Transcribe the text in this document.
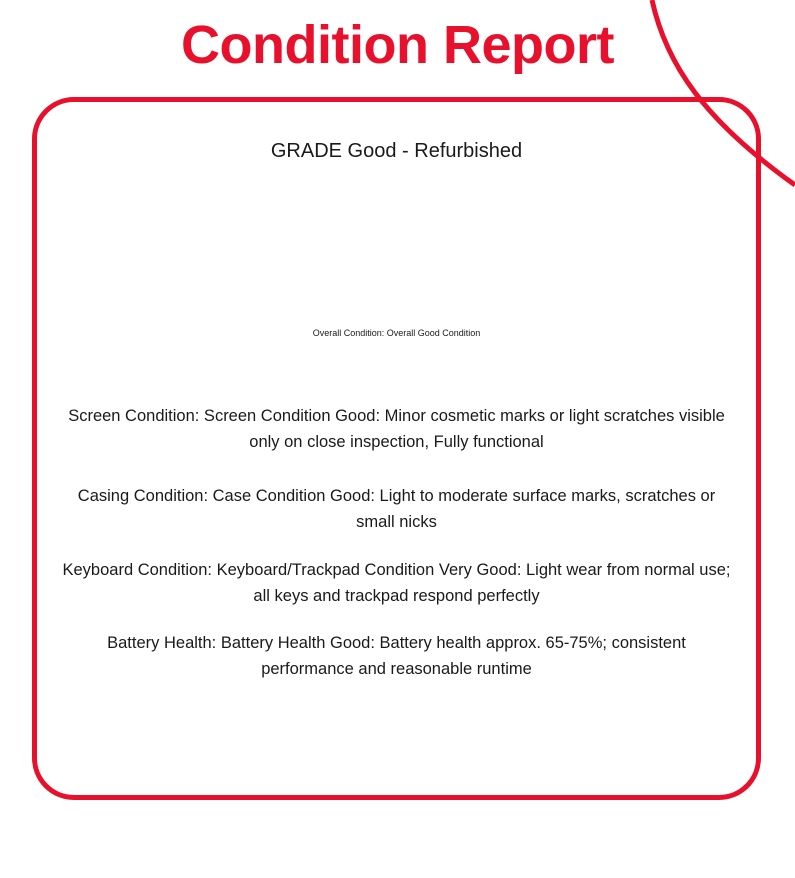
Condition Report
GRADE Good - Refurbished
Overall Condition: Overall Good Condition
Screen Condition: Screen Condition Good: Minor cosmetic marks or light scratches visible only on close inspection, Fully functional
Casing Condition: Case Condition Good: Light to moderate surface marks, scratches or small nicks
Keyboard Condition: Keyboard/Trackpad Condition Very Good: Light wear from normal use; all keys and trackpad respond perfectly
Battery Health: Battery Health Good: Battery health approx. 65-75%; consistent performance and reasonable runtime
